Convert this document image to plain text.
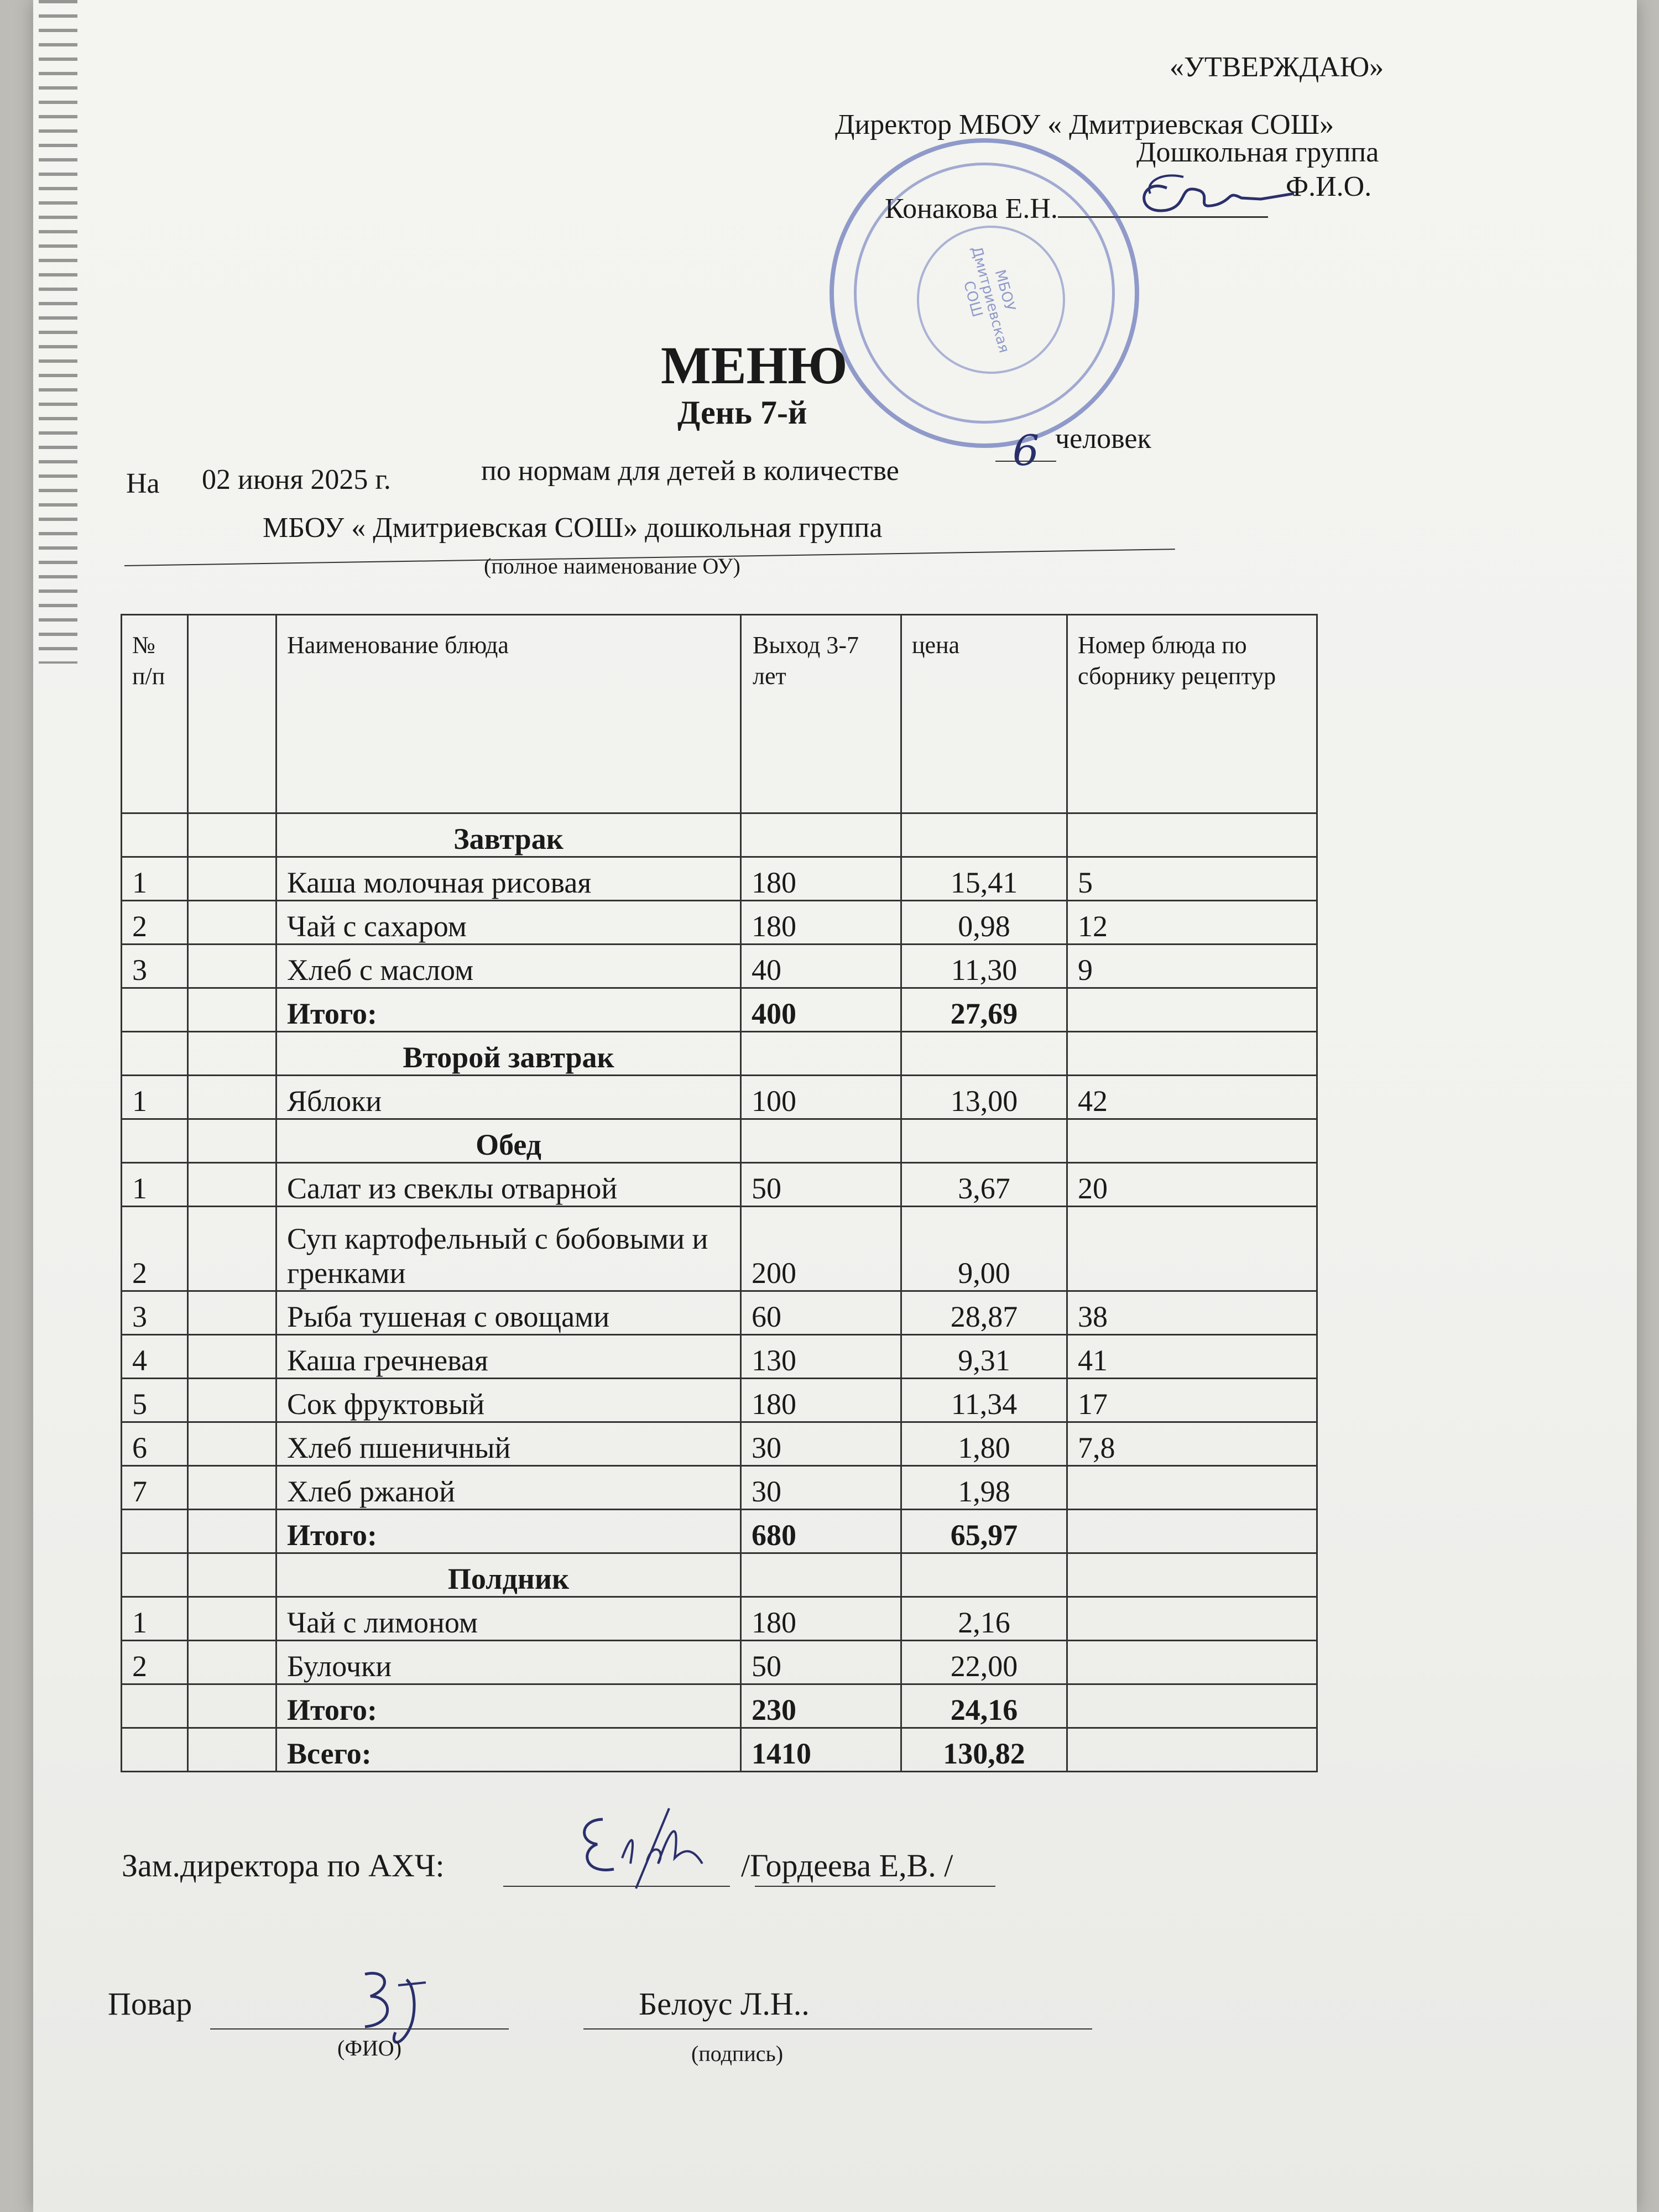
«УТВЕРЖДАЮ»
Директор МБОУ « Дмитриевская СОШ»
Дошкольная группа
Конакова Е.Н.
Ф.И.О.
МБОУ Дмитриевская СОШ
МЕНЮ
День 7-й
На 02 июня 2025 г.	по нормам для детей в количестве	6 человек
МБОУ « Дмитриевская СОШ» дошкольная группа
(полное наименование ОУ)
№ п/п		Наименование блюда	Выход 3-7 лет	цена	Номер блюда по сборнику рецептур
		Завтрак			
1		Каша молочная рисовая	180	15,41	5
2		Чай с сахаром	180	0,98	12
3		Хлеб с маслом	40	11,30	9
		Итого:	400	27,69	
		Второй завтрак			
1		Яблоки	100	13,00	42
		Обед			
1		Салат из свеклы отварной	50	3,67	20
2		Суп картофельный с бобовыми и гренками	200	9,00	
3		Рыба тушеная с овощами	60	28,87	38
4		Каша гречневая	130	9,31	41
5		Сок фруктовый	180	11,34	17
6		Хлеб пшеничный	30	1,80	7,8
7		Хлеб ржаной	30	1,98	
		Итого:	680	65,97	
		Полдник			
1		Чай с лимоном	180	2,16	
2		Булочки	50	22,00	
		Итого:	230	24,16	
		Всего:	1410	130,82	
Зам.директора по АХЧ:	/Гордеева Е,В. /
Повар
(ФИО)
Белоус Л.Н..
(подпись)
